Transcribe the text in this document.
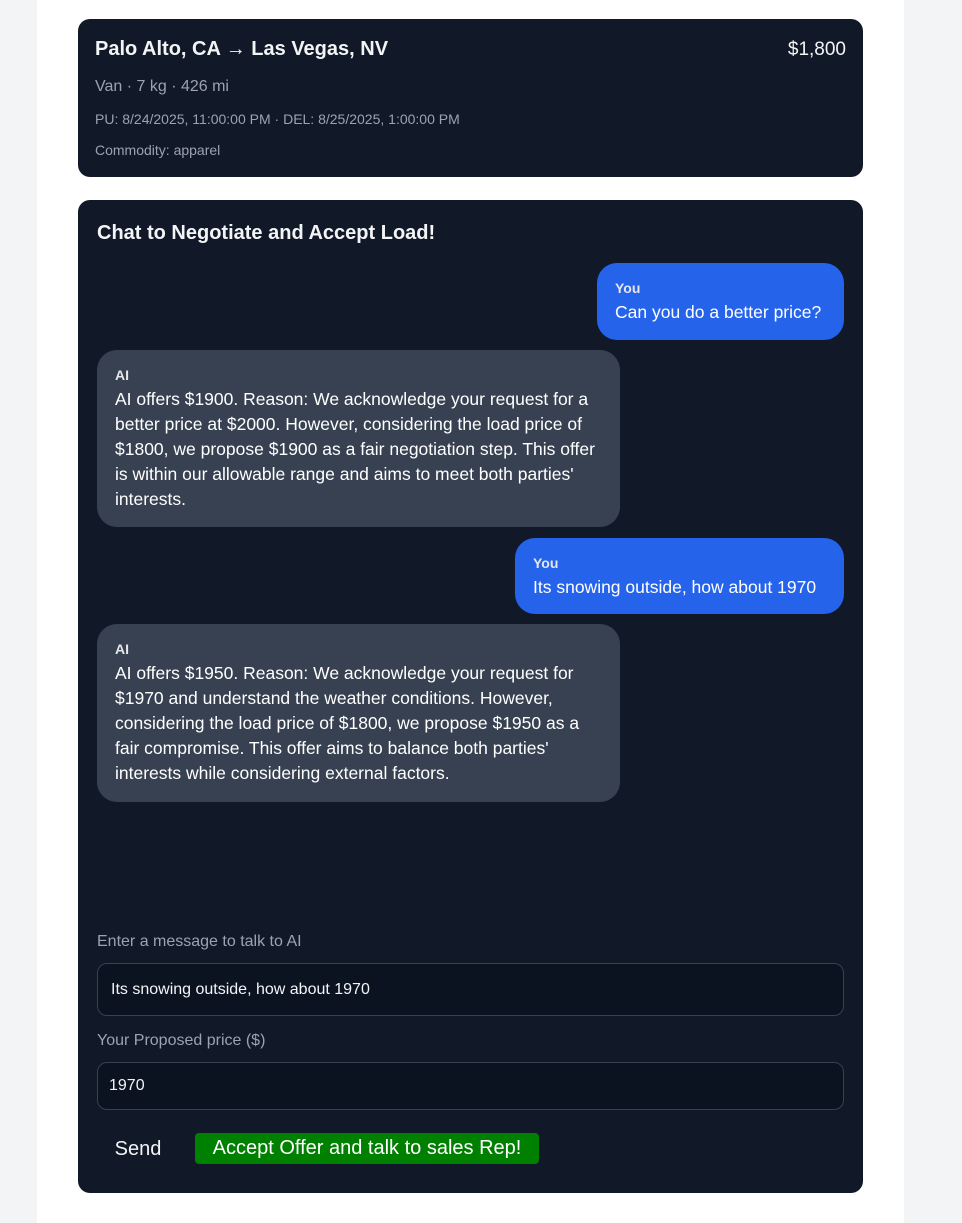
Palo Alto, CA → Las Vegas, NV	$1,800
Van · 7 kg · 426 mi
PU: 8/24/2025, 11:00:00 PM · DEL: 8/25/2025, 1:00:00 PM
Commodity: apparel
Chat to Negotiate and Accept Load!
You
Can you do a better price?
AI
AI offers $1900. Reason: We acknowledge your request for a better price at $2000. However, considering the load price of $1800, we propose $1900 as a fair negotiation step. This offer is within our allowable range and aims to meet both parties' interests.
You
Its snowing outside, how about 1970
AI
AI offers $1950. Reason: We acknowledge your request for $1970 and understand the weather conditions. However, considering the load price of $1800, we propose $1950 as a fair compromise. This offer aims to balance both parties' interests while considering external factors.
Enter a message to talk to AI
Its snowing outside, how about 1970
Your Proposed price ($)
1970
Send	Accept Offer and talk to sales Rep!
